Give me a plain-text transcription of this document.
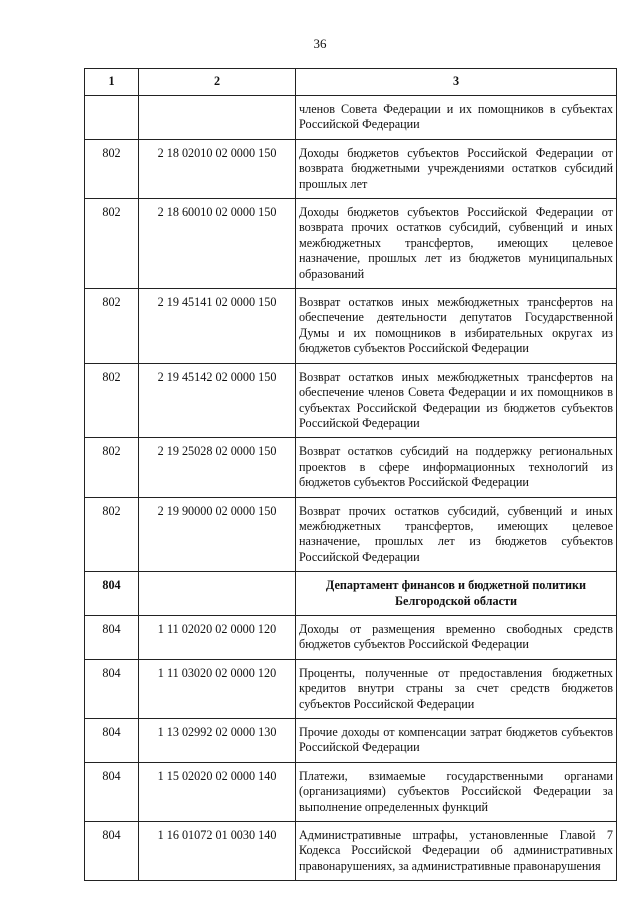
36
1	2	3
		членов Совета Федерации и их помощников в субъектах Российской Федерации
802	2 18 02010 02 0000 150	Доходы бюджетов субъектов Российской Федерации от возврата бюджетными учреждениями остатков субсидий прошлых лет
802	2 18 60010 02 0000 150	Доходы бюджетов субъектов Российской Федерации от возврата прочих остатков субсидий, субвенций и иных межбюджетных трансфертов, имеющих целевое назначение, прошлых лет из бюджетов муниципальных образований
802	2 19 45141 02 0000 150	Возврат остатков иных межбюджетных трансфертов на обеспечение деятельности депутатов Государственной Думы и их помощников в избирательных округах из бюджетов субъектов Российской Федерации
802	2 19 45142 02 0000 150	Возврат остатков иных межбюджетных трансфертов на обеспечение членов Совета Федерации и их помощников в субъектах Российской Федерации из бюджетов субъектов Российской Федерации
802	2 19 25028 02 0000 150	Возврат остатков субсидий на поддержку региональных проектов в сфере информационных технологий из бюджетов субъектов Российской Федерации
802	2 19 90000 02 0000 150	Возврат прочих остатков субсидий, субвенций и иных межбюджетных трансфертов, имеющих целевое назначение, прошлых лет из бюджетов субъектов Российской Федерации
804		Департамент финансов и бюджетной политики Белгородской области
804	1 11 02020 02 0000 120	Доходы от размещения временно свободных средств бюджетов субъектов Российской Федерации
804	1 11 03020 02 0000 120	Проценты, полученные от предоставления бюджетных кредитов внутри страны за счет средств бюджетов субъектов Российской Федерации
804	1 13 02992 02 0000 130	Прочие доходы от компенсации затрат бюджетов субъектов Российской Федерации
804	1 15 02020 02 0000 140	Платежи, взимаемые государственными органами (организациями) субъектов Российской Федерации за выполнение определенных функций
804	1 16 01072 01 0030 140	Административные штрафы, установленные Главой 7 Кодекса Российской Федерации об административных правонарушениях, за административные правонарушения
